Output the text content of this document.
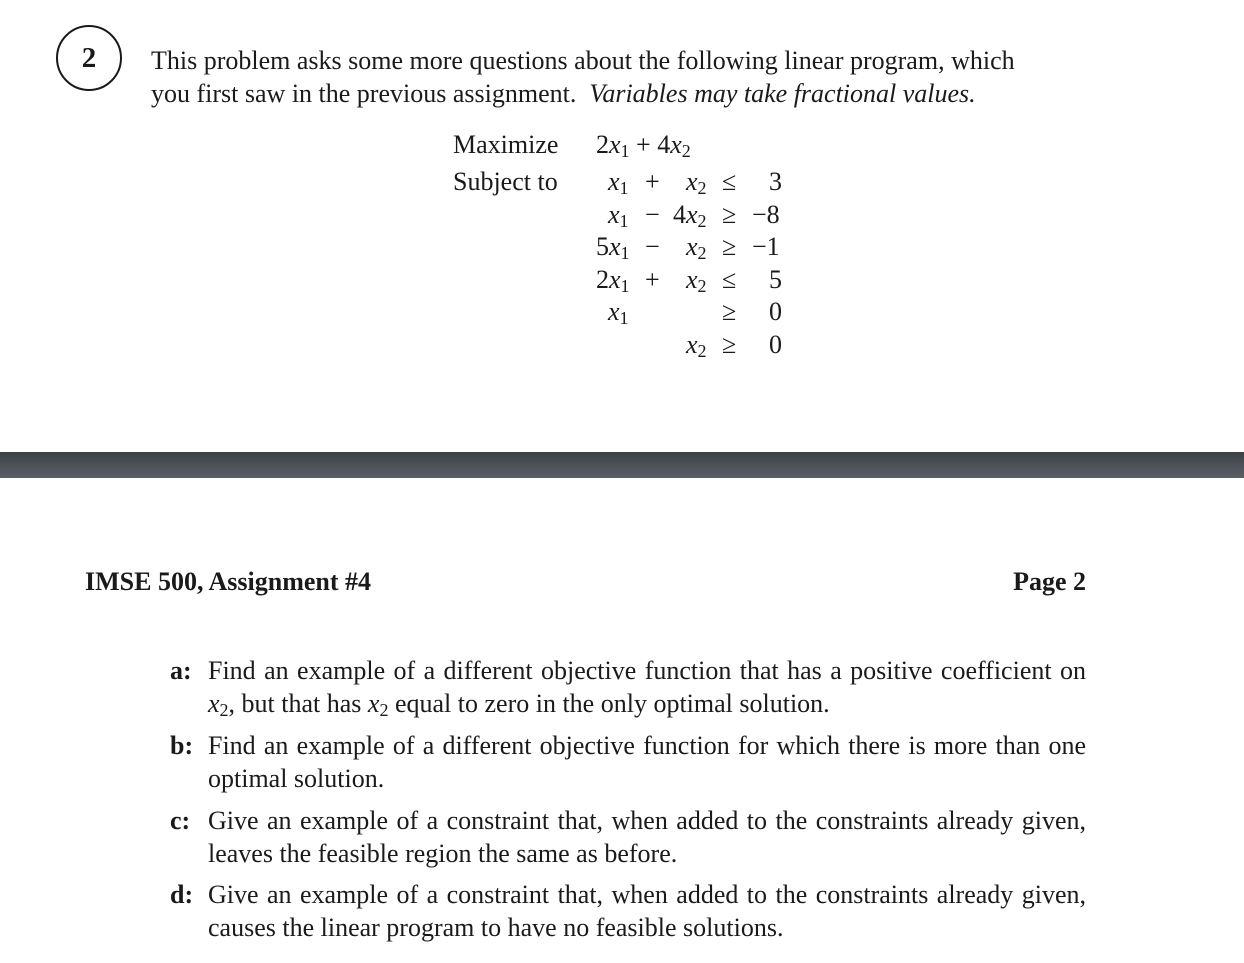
2 This problem asks some more questions about the following linear program, which
you first saw in the previous assignment. Variables may take fractional values.
Maximize $2x_1 + 4x_2$
Subject to $x_1 + x_2 \le 3$
$x_1 - 4x_2 \ge -8$
$5x_1 - x_2 \ge -1$
$2x_1 + x_2 \le 5$
$x_1$	≥ 0
$x_2 \ge 0$
IMSE 500, Assignment #4	Page 2
a: Find an example of a different objective function that has a positive coefficient on $x_2$, but that has $x_2$ equal to zero in the only optimal solution.
b: Find an example of a different objective function for which there is more than one optimal solution.
c: Give an example of a constraint that, when added to the constraints already given, leaves the feasible region the same as before.
d: Give an example of a constraint that, when added to the constraints already given, causes the linear program to have no feasible solutions.
